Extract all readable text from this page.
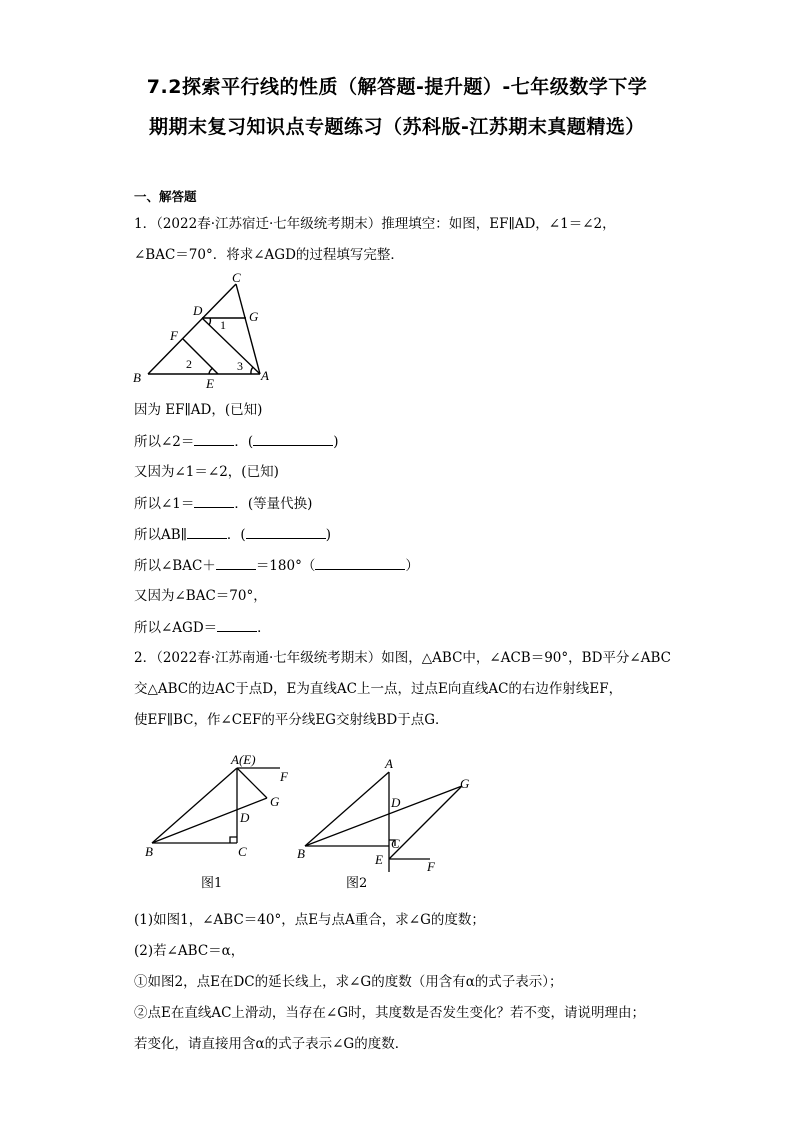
7.2探索平行线的性质（解答题-提升题）-七年级数学下学
期期末复习知识点专题练习（苏科版-江苏期末真题精选）
一、解答题
1．（2022春·江苏宿迁·七年级统考期末）推理填空：如图，EF∥AD，∠1＝∠2，
∠BAC＝70°．将求∠AGD的过程填写完整．
C
D	G
1
F
2	3
B	E
A
因为 EF∥AD，(已知)
所以∠2＝	．(	)
又因为∠1＝∠2，(已知)
所以∠1＝	．(等量代换)
所以AB∥	．(	)
所以∠BAC＋	＝180°（	）
又因为∠BAC＝70°，
所以∠AGD＝	．
2．（2022春·江苏南通·七年级统考期末）如图，△ABC中，∠ACB＝90°，BD平分∠ABC
交△ABC的边AC于点D，E为直线AC上一点，过点E向直线AC的右边作射线EF，
使EF∥BC，作∠CEF的平分线EG交射线BD于点G．
A(E)
F
G
D
B	C
图1
A
G
D
B
C
E	F
图2
(1)如图1，∠ABC＝40°，点E与点A重合，求∠G的度数；
(2)若∠ABC＝α，
①如图2，点E在DC的延长线上，求∠G的度数（用含有α的式子表示）；
②点E在直线AC上滑动，当存在∠G时，其度数是否发生变化？若不变，请说明理由；
若变化，请直接用含α的式子表示∠G的度数．
